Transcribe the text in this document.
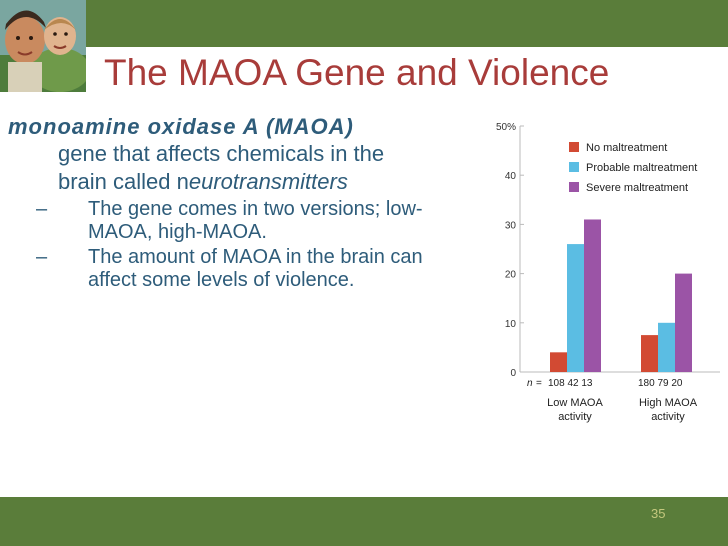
The MAOA Gene and Violence
monoamine oxidase A (MAOA)
gene that affects chemicals in the
brain called neurotransmitters
–	The gene comes in two versions; low-MAOA, high-MAOA.
–	The amount of MAOA in the brain can affect some levels of violence.
0
10
20
30
40
50%
No maltreatment
Probable maltreatment
Severe maltreatment
n = 108 42 13
Low MAOA
activity
180 79 20
High MAOA
activity
35
